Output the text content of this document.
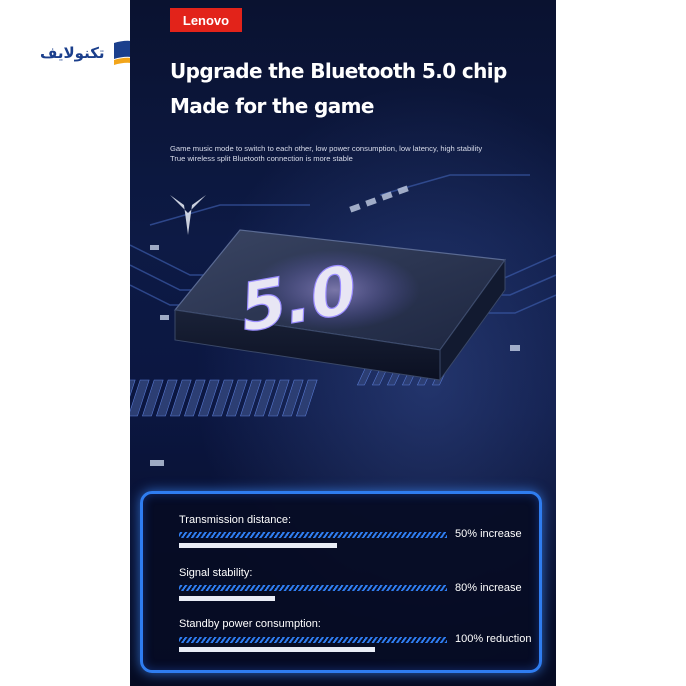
تکنولایف
5.0
Lenovo
Upgrade the Bluetooth 5.0 chip
Made for the game
Game music mode to switch to each other, low power consumption, low latency, high stability
True wireless split Bluetooth connection is more stable
Transmission distance:
50% increase
Signal stability:
80% increase
Standby power consumption:
100% reduction
